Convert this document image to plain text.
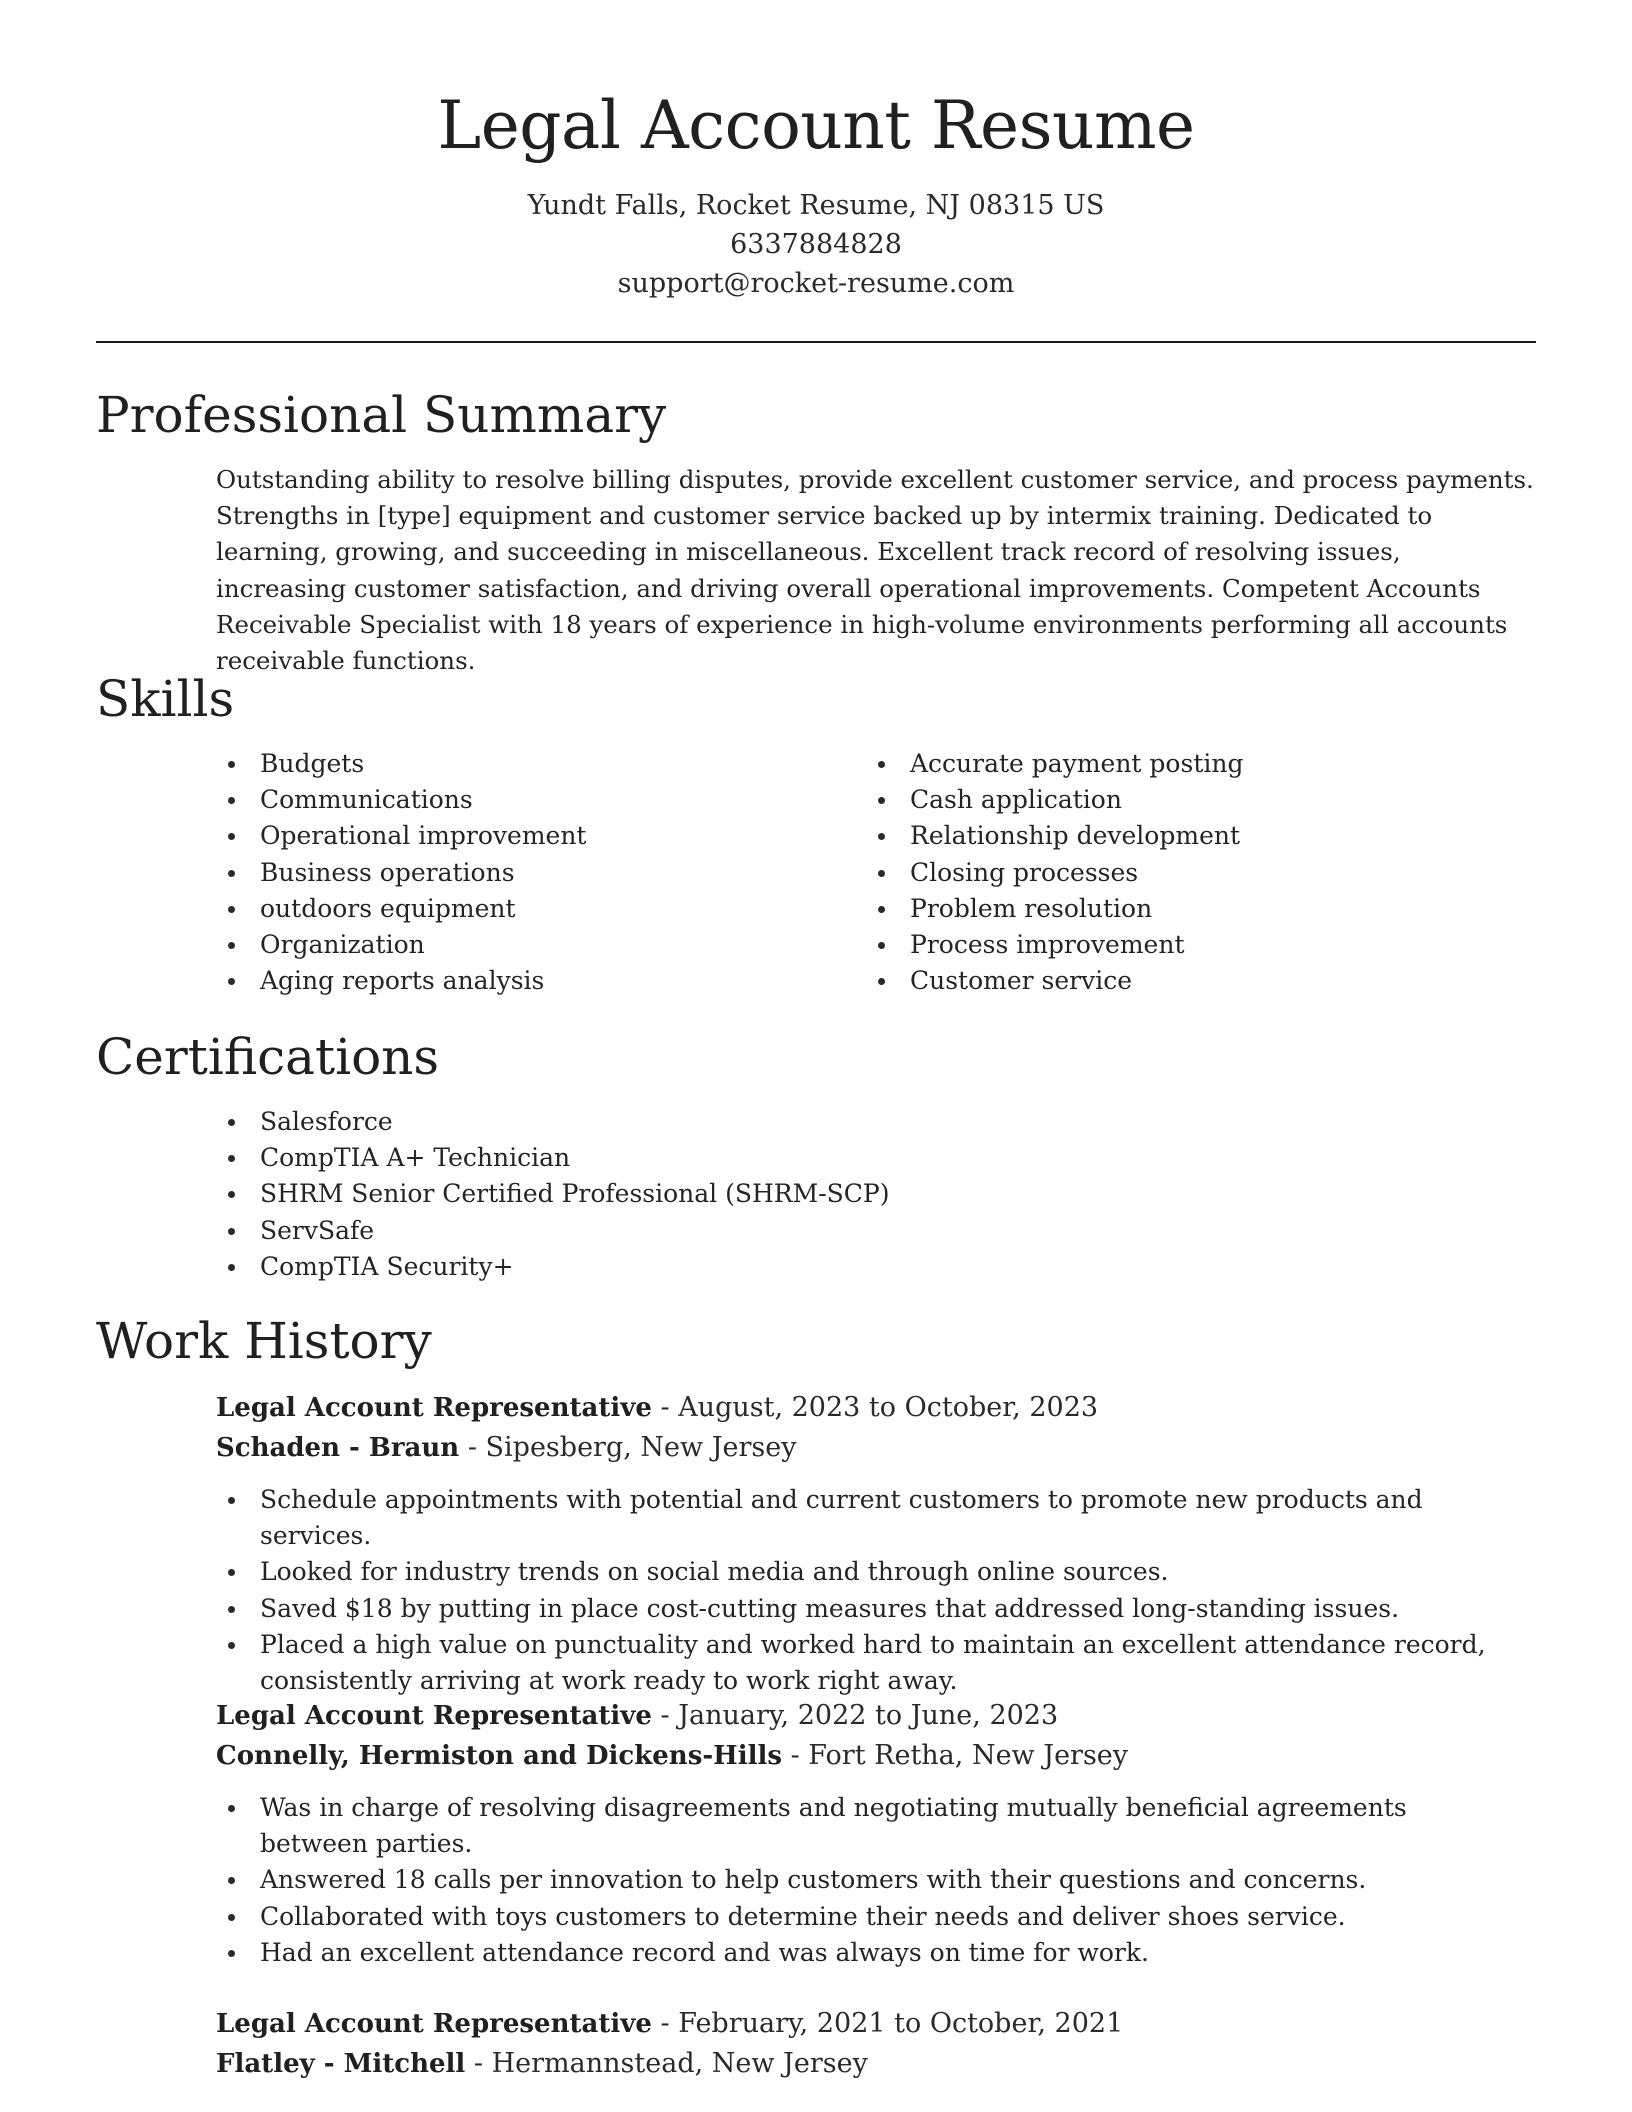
Legal Account Resume
Yundt Falls, Rocket Resume, NJ 08315 US
6337884828
support@rocket-resume.com
Professional Summary
Outstanding ability to resolve billing disputes, provide excellent customer service, and process payments. Strengths in [type] equipment and customer service backed up by intermix training. Dedicated to learning, growing, and succeeding in miscellaneous. Excellent track record of resolving issues, increasing customer satisfaction, and driving overall operational improvements. Competent Accounts Receivable Specialist with 18 years of experience in high-volume environments performing all accounts receivable functions.
Skills
Budgets
Communications
Operational improvement
Business operations
outdoors equipment
Organization
Aging reports analysis
Accurate payment posting
Cash application
Relationship development
Closing processes
Problem resolution
Process improvement
Customer service
Certifications
Salesforce
CompTIA A+ Technician
SHRM Senior Certified Professional (SHRM-SCP)
ServSafe
CompTIA Security+
Work History
Legal Account Representative - August, 2023 to October, 2023
Schaden - Braun - Sipesberg, New Jersey
Schedule appointments with potential and current customers to promote new products and services.
Looked for industry trends on social media and through online sources.
Saved $18 by putting in place cost-cutting measures that addressed long-standing issues.
Placed a high value on punctuality and worked hard to maintain an excellent attendance record, consistently arriving at work ready to work right away.
Legal Account Representative - January, 2022 to June, 2023
Connelly, Hermiston and Dickens-Hills - Fort Retha, New Jersey
Was in charge of resolving disagreements and negotiating mutually beneficial agreements between parties.
Answered 18 calls per innovation to help customers with their questions and concerns.
Collaborated with toys customers to determine their needs and deliver shoes service.
Had an excellent attendance record and was always on time for work.
Legal Account Representative - February, 2021 to October, 2021
Flatley - Mitchell - Hermannstead, New Jersey
